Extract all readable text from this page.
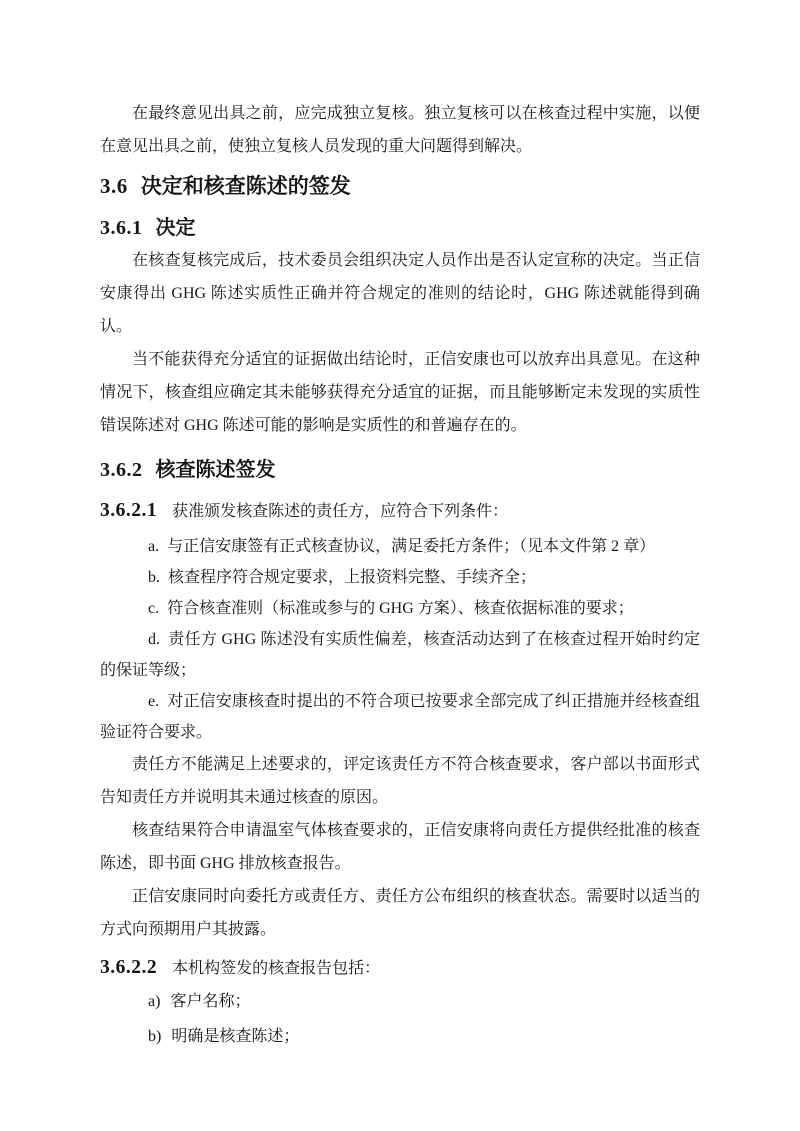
在最终意见出具之前，应完成独立复核。独立复核可以在核查过程中实施，以便在意见出具之前，使独立复核人员发现的重大问题得到解决。

3.6 决定和核查陈述的签发
3.6.1 决定

在核查复核完成后，技术委员会组织决定人员作出是否认定宣称的决定。当正信安康得出 GHG 陈述实质性正确并符合规定的准则的结论时，GHG 陈述就能得到确认。

当不能获得充分适宜的证据做出结论时，正信安康也可以放弃出具意见。在这种情况下，核查组应确定其未能够获得充分适宜的证据，而且能够断定未发现的实质性错误陈述对 GHG 陈述可能的影响是实质性的和普遍存在的。

3.6.2 核查陈述签发

3.6.2.1 获准颁发核查陈述的责任方，应符合下列条件：

a. 与正信安康签有正式核查协议，满足委托方条件；（见本文件第 2 章）

b. 核查程序符合规定要求，上报资料完整、手续齐全；

c. 符合核查准则（标准或参与的 GHG 方案）、核查依据标准的要求；

d. 责任方 GHG 陈述没有实质性偏差，核查活动达到了在核查过程开始时约定的保证等级；

e. 对正信安康核查时提出的不符合项已按要求全部完成了纠正措施并经核查组验证符合要求。

责任方不能满足上述要求的，评定该责任方不符合核查要求，客户部以书面形式告知责任方并说明其未通过核查的原因。

核查结果符合申请温室气体核查要求的，正信安康将向责任方提供经批准的核查陈述，即书面 GHG 排放核查报告。

正信安康同时向委托方或责任方、责任方公布组织的核查状态。需要时以适当的方式向预期用户其披露。

3.6.2.2 本机构签发的核查报告包括：

a) 客户名称；

b) 明确是核查陈述；
